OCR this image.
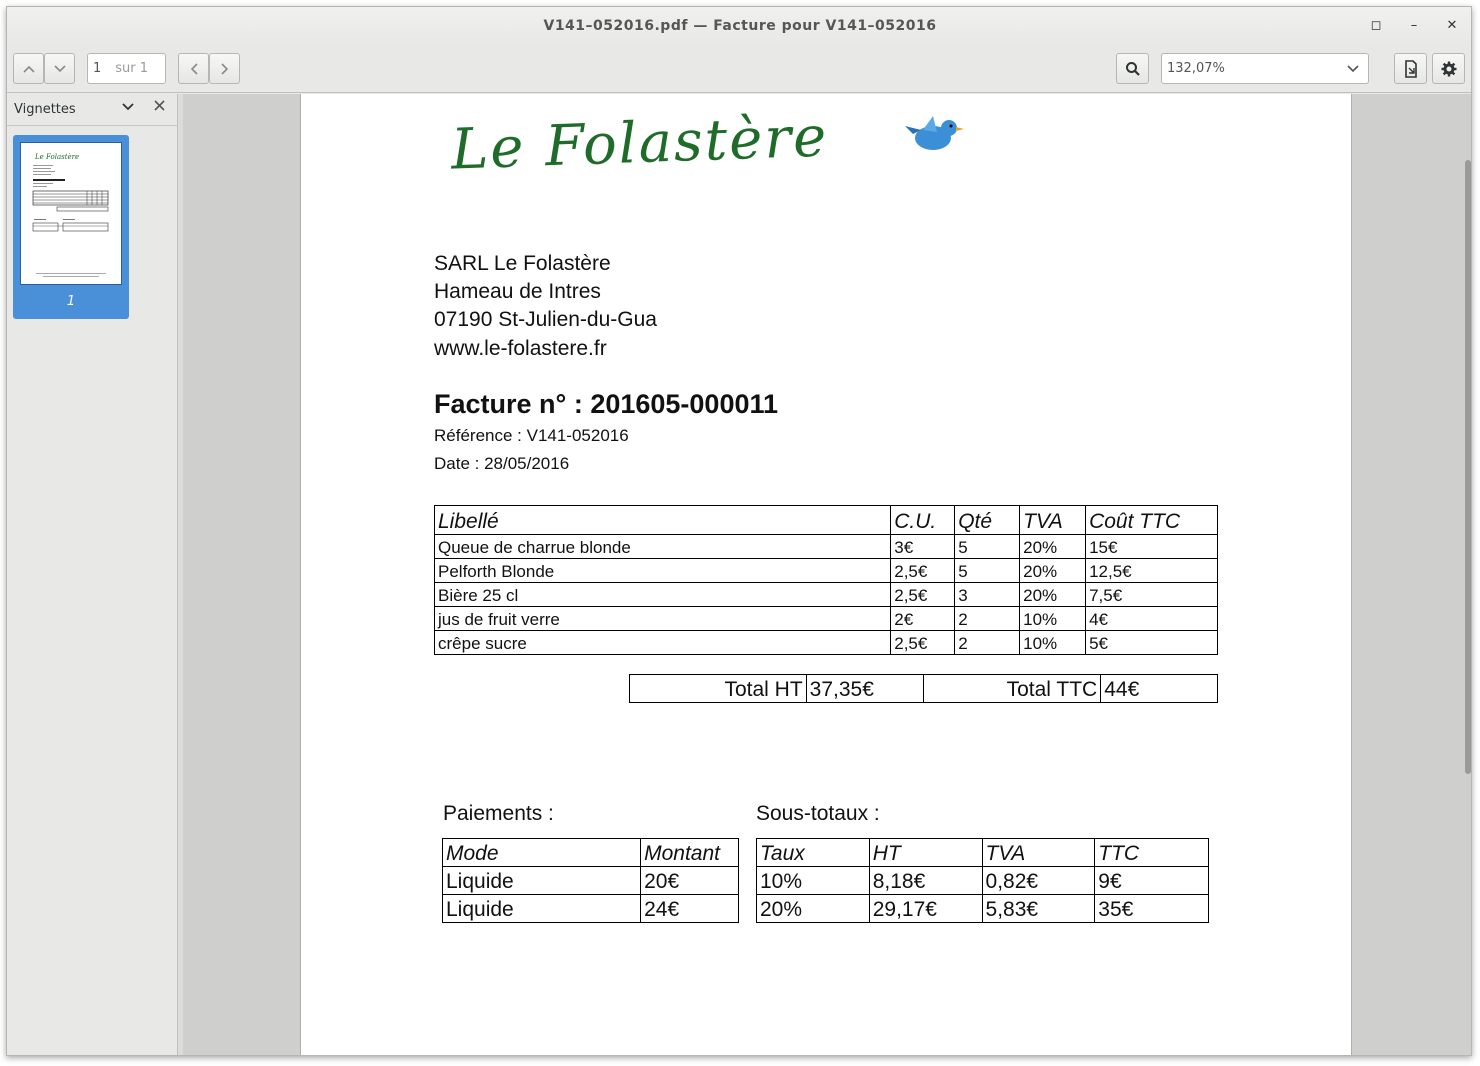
V141–052016.pdf — Facture pour V141–052016	◻	–	✕
1 sur 1	132,07%
Vignettes
Le Folastère
1
Le Folastère
SARL Le Folastère
Hameau de Intres
07190 St-Julien-du-Gua
www.le-folastere.fr
Facture n° : 201605-000011
Référence : V141-052016
Date : 28/05/2016
Libellé	C.U.	Qté	TVA	Coût TTC
Queue de charrue blonde	3€	5	20%	15€
Pelforth Blonde	2,5€	5	20%	12,5€
Bière 25 cl	2,5€	3	20%	7,5€
jus de fruit verre	2€	2	10%	4€
crêpe sucre	2,5€	2	10%	5€
Total HT	37,35€	Total TTC	44€
Paiements :	Sous-totaux :
Mode	Montant
Liquide	20€
Liquide	24€
Taux	HT	TVA	TTC
10%	8,18€	0,82€	9€
20%	29,17€	5,83€	35€
